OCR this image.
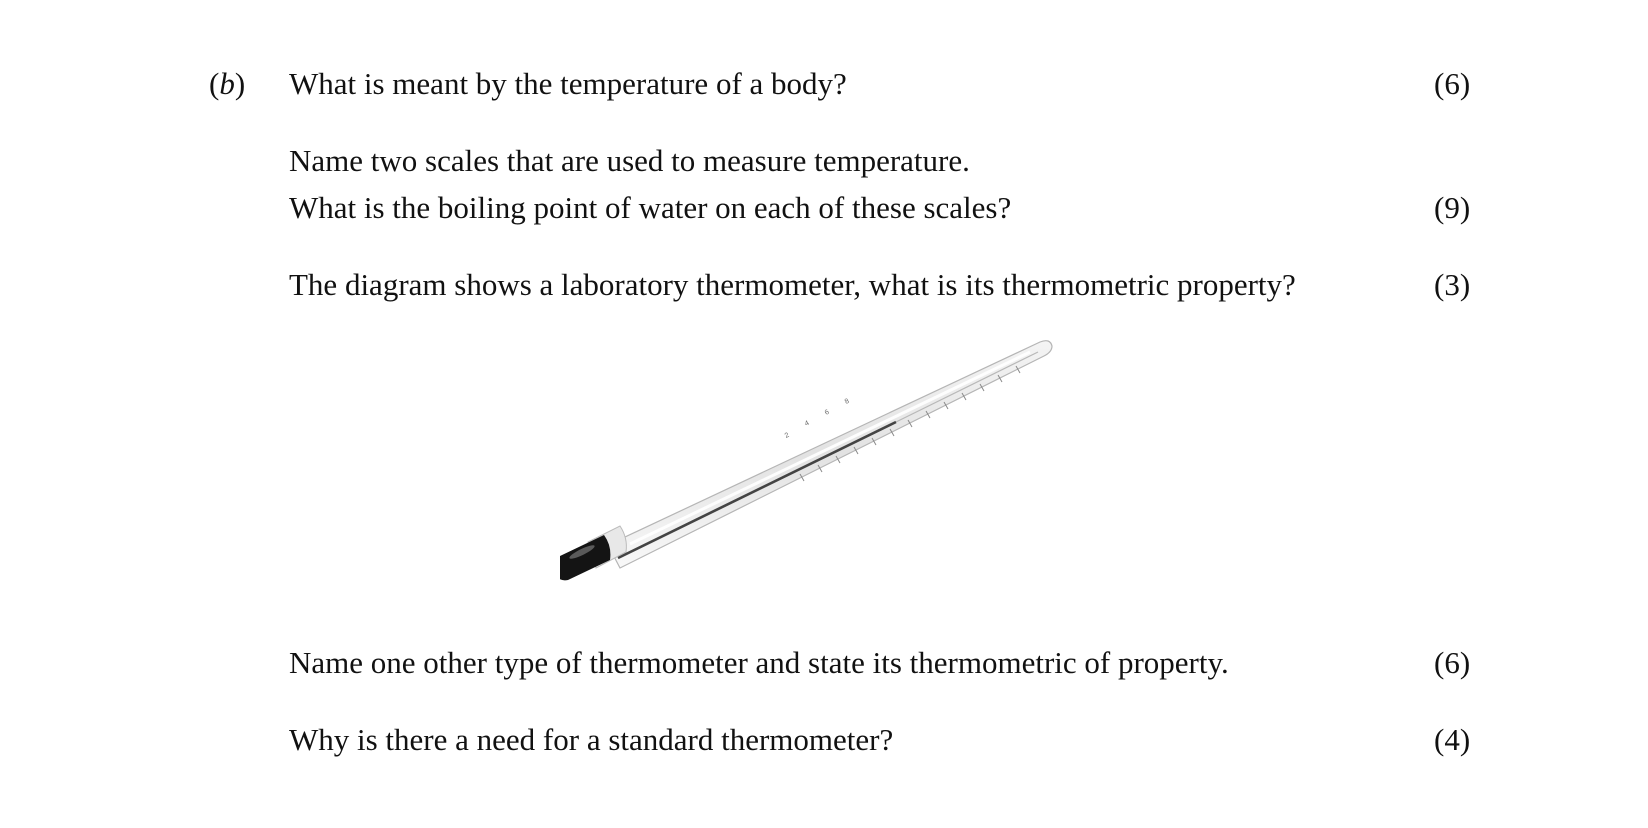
(b) What is meant by the temperature of a body?	(6)
Name two scales that are used to measure temperature.
What is the boiling point of water on each of these scales?	(9)
The diagram shows a laboratory thermometer, what is its thermometric property?	(3)
2
4
6
8
Name one other type of thermometer and state its thermometric of property.	(6)
Why is there a need for a standard thermometer?	(4)
